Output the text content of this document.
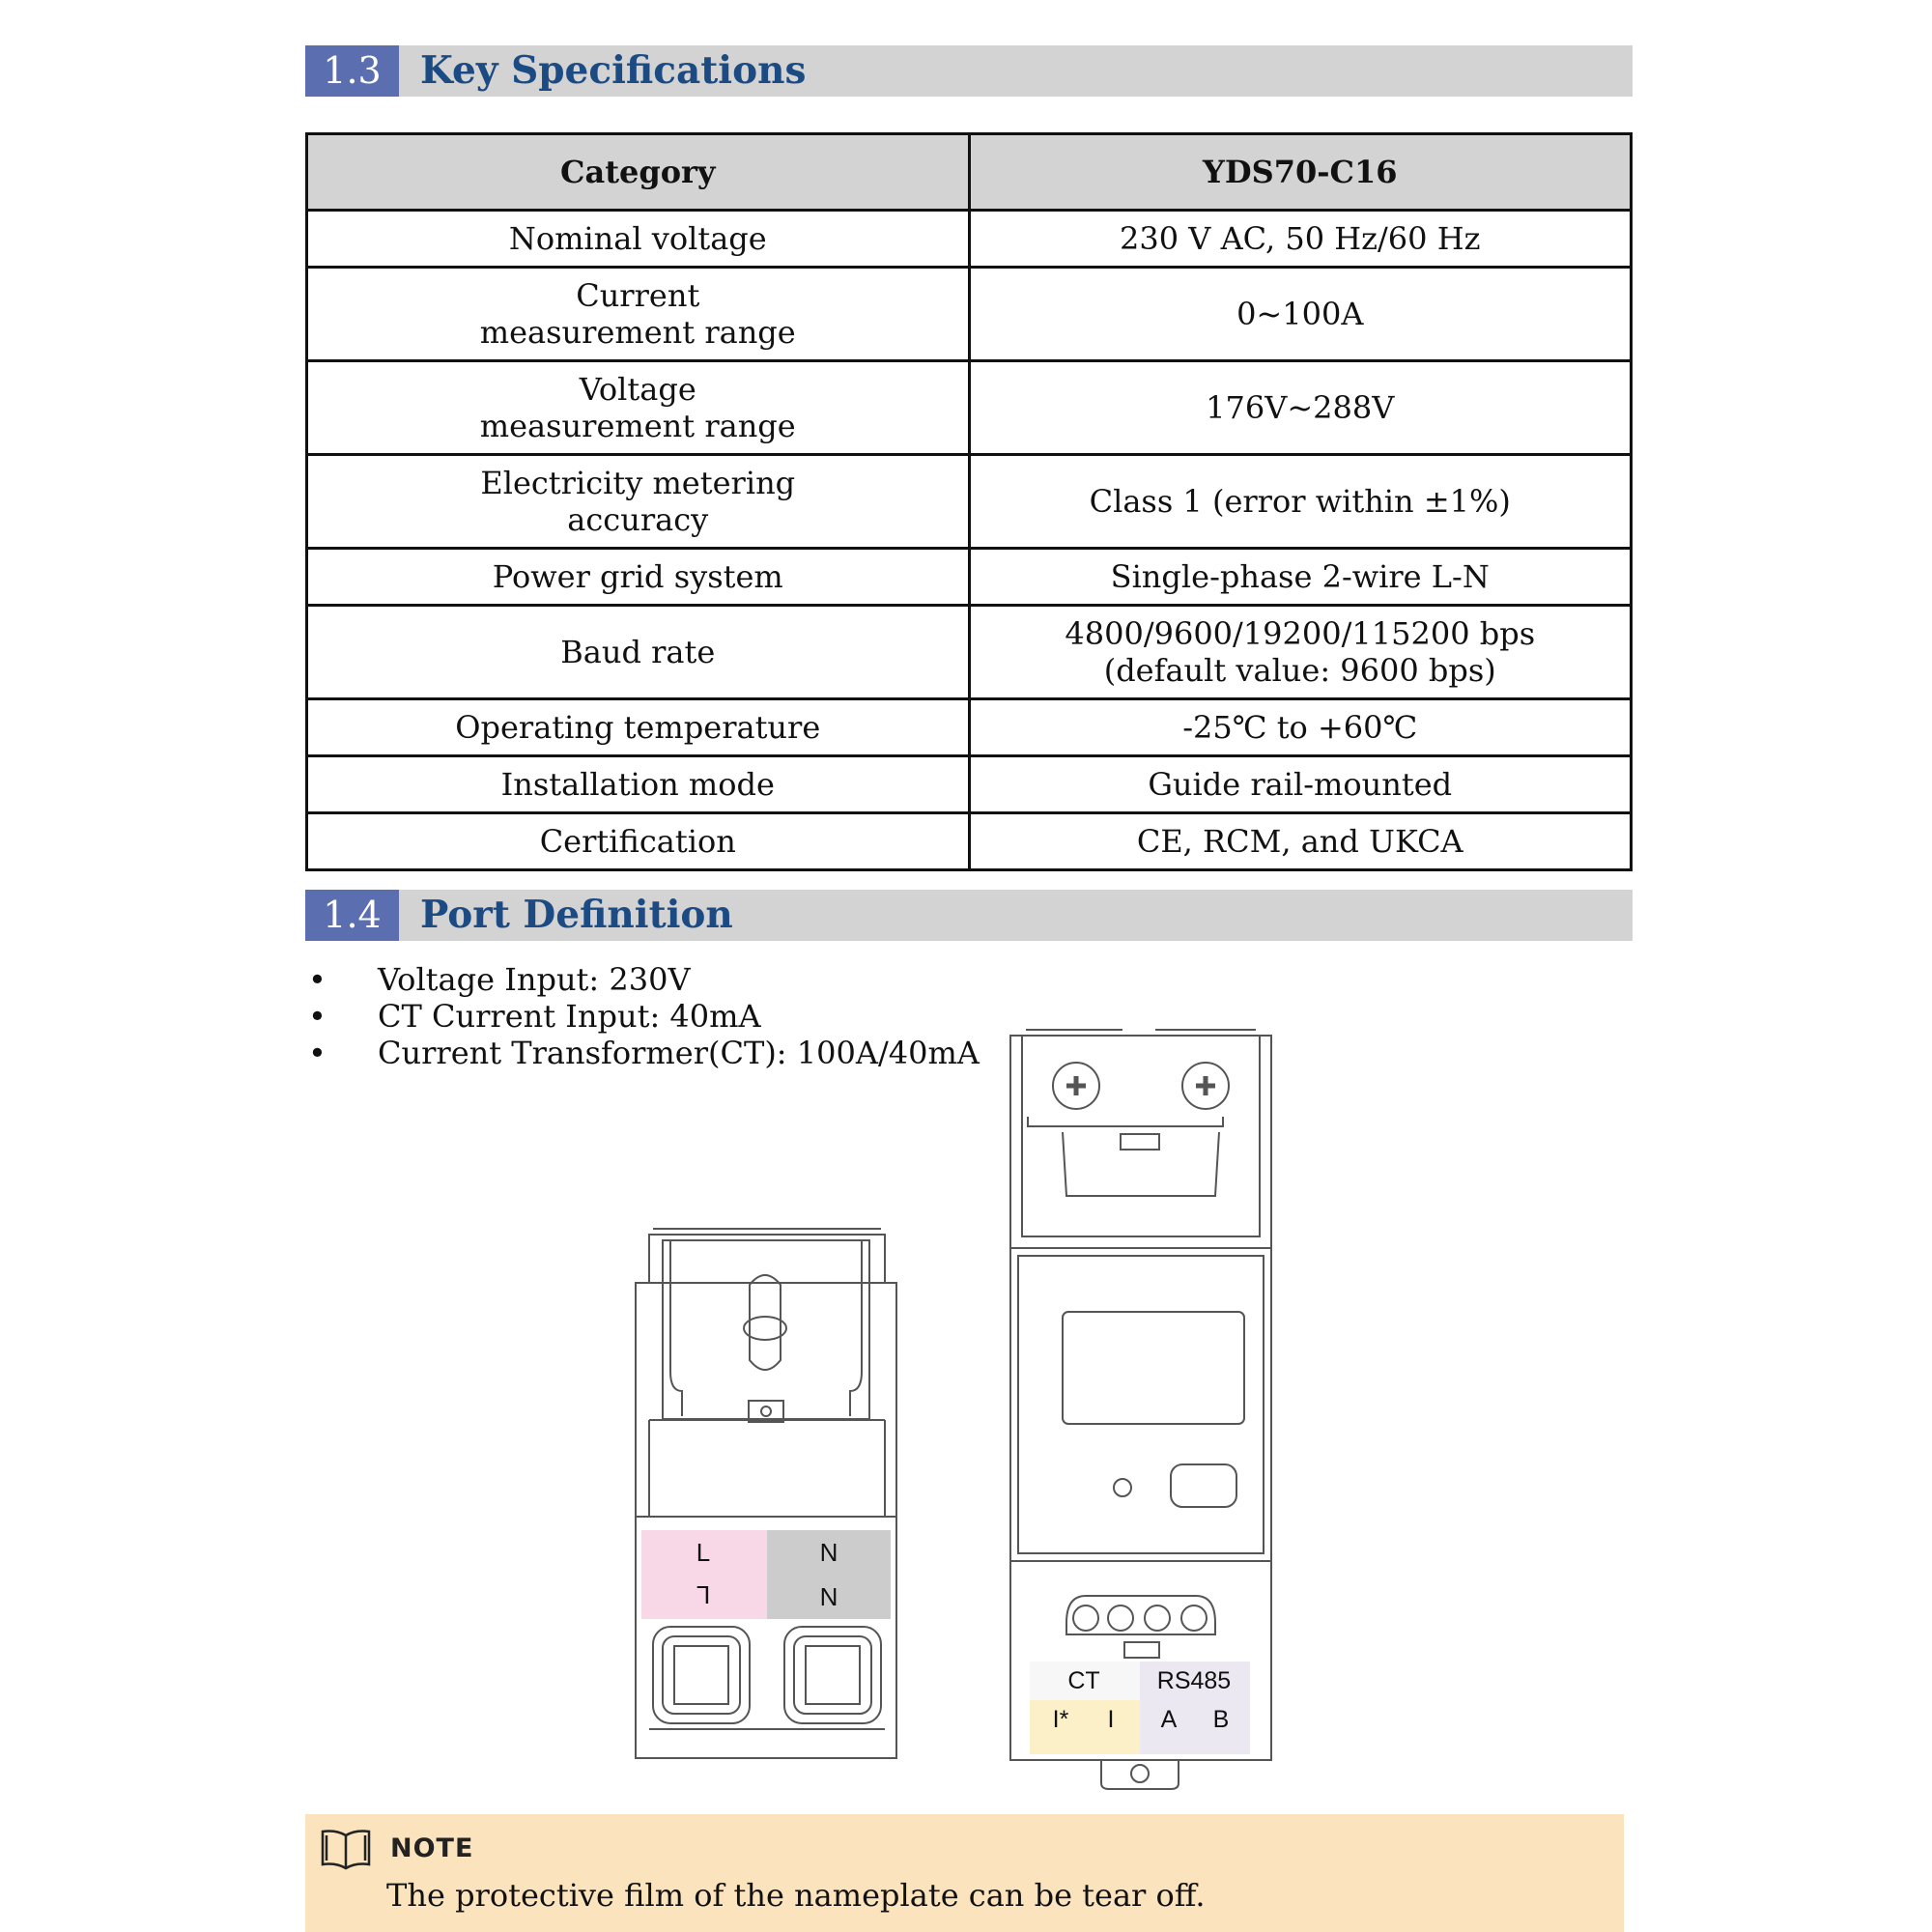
1.3	Key Specifications
Category	YDS70-C16
Nominal voltage	230 V AC, 50 Hz/60 Hz

Current measurement range	0~100A

Voltage measurement range	176V~288V

Electricity metering accuracy	Class 1 (error within ±1%)
Power grid system	Single-phase 2-wire L-N
Baud rate	4800/9600/19200/115200 bps (default value: 9600 bps)

Operating temperature	-25℃ to +60℃
Installation mode	Guide rail-mounted
Certification	CE, RCM, and UKCA
1.4	Port Definition
• Voltage Input: 230V
• CT Current Input: 40mA
• Current Transformer(CT): 100A/40mA
L	N
L	N
CT RS485
I* I A B
NOTE
The protective film of the nameplate can be tear off.
